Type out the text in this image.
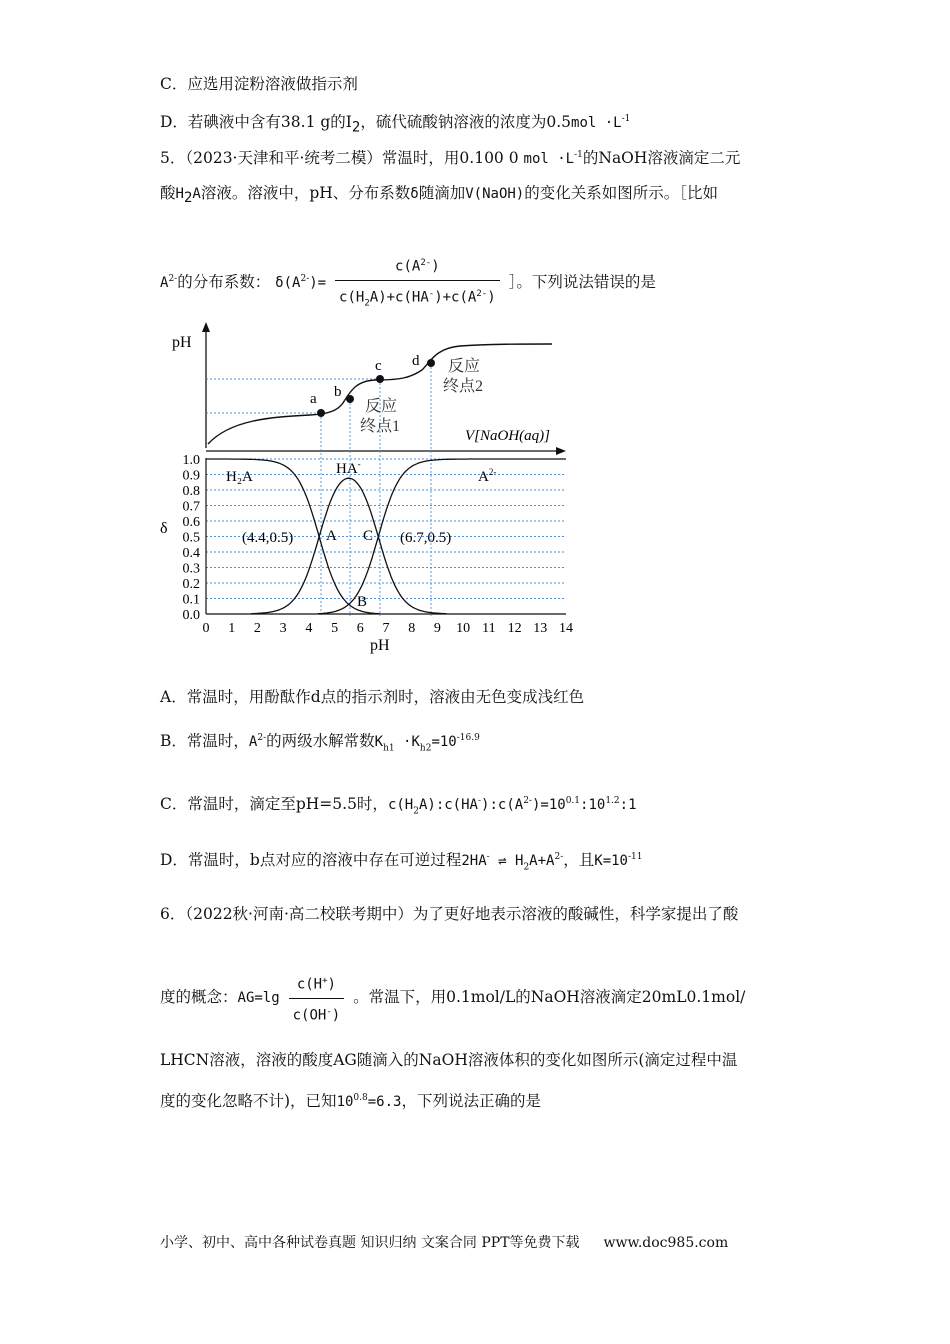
C．应选用淀粉溶液做指示剂
D．若碘液中含有38.1 g的$I_2$，硫代硫酸钠溶液的浓度为$0.5mol \cdot L^{-1}$
5．（2023·天津和平·统考二模）常温时，用0.100 0 mol $\cdot L^{-1}$的NaOH溶液滴定二元
酸$H_2A$溶液。溶液中，pH、分布系数δ随滴加V(NaOH)的变化关系如图所示。［比如
$A^{2-}$的分布系数： $\delta(A^{2-})= \frac{c(A^{2-})}{c(H_2A)+c(HA^-)+c(A^{2-})}$ ］。下列说法错误的是
pH
V[NaOH(aq)]
a b
c d
反应
终点1
反应
终点2
0.0
0.1
0.2
0.3
0.4
0.5
0.6
0.7
0.8
0.9
1.0
0 1 2 3 4 5 6 7 8 9 10 11 12 13 14
δ
pH
H₂A	HA-
$A^{2-}$
(4.4,0.5)	(6.7,0.5)
A C
B
A．常温时，用酚酞作d点的指示剂时，溶液由无色变成浅红色
B．常温时，$A^{2-}$的两级水解常数$K_{h1} \cdot K_{h2}=10^{-16.9}$
C．常温时，滴定至pH=5.5时，$c(H_2A):c(HA^-):c(A^{2-})=10^{0.1}:10^{1.2}:1$
D．常温时，b点对应的溶液中存在可逆过程2HA- ⇌ $H_2A+A^{2-}$，且$K=10^{-11}$
6．（2022秋·河南·高二校联考期中）为了更好地表示溶液的酸碱性，科学家提出了酸
度的概念：$AG=\lg \frac{c(H^+)}{c(OH^-)}$ 。常温下，用0.1mol/L的NaOH溶液滴定20mL0.1mol/
LHCN溶液，溶液的酸度AG随滴入的NaOH溶液体积的变化如图所示(滴定过程中温
度的变化忽略不计)，已知$10^{0.8}=6.3$，下列说法正确的是
小学、初中、高中各种试卷真题 知识归纳 文案合同 PPT等免费下载 www.doc985.com
